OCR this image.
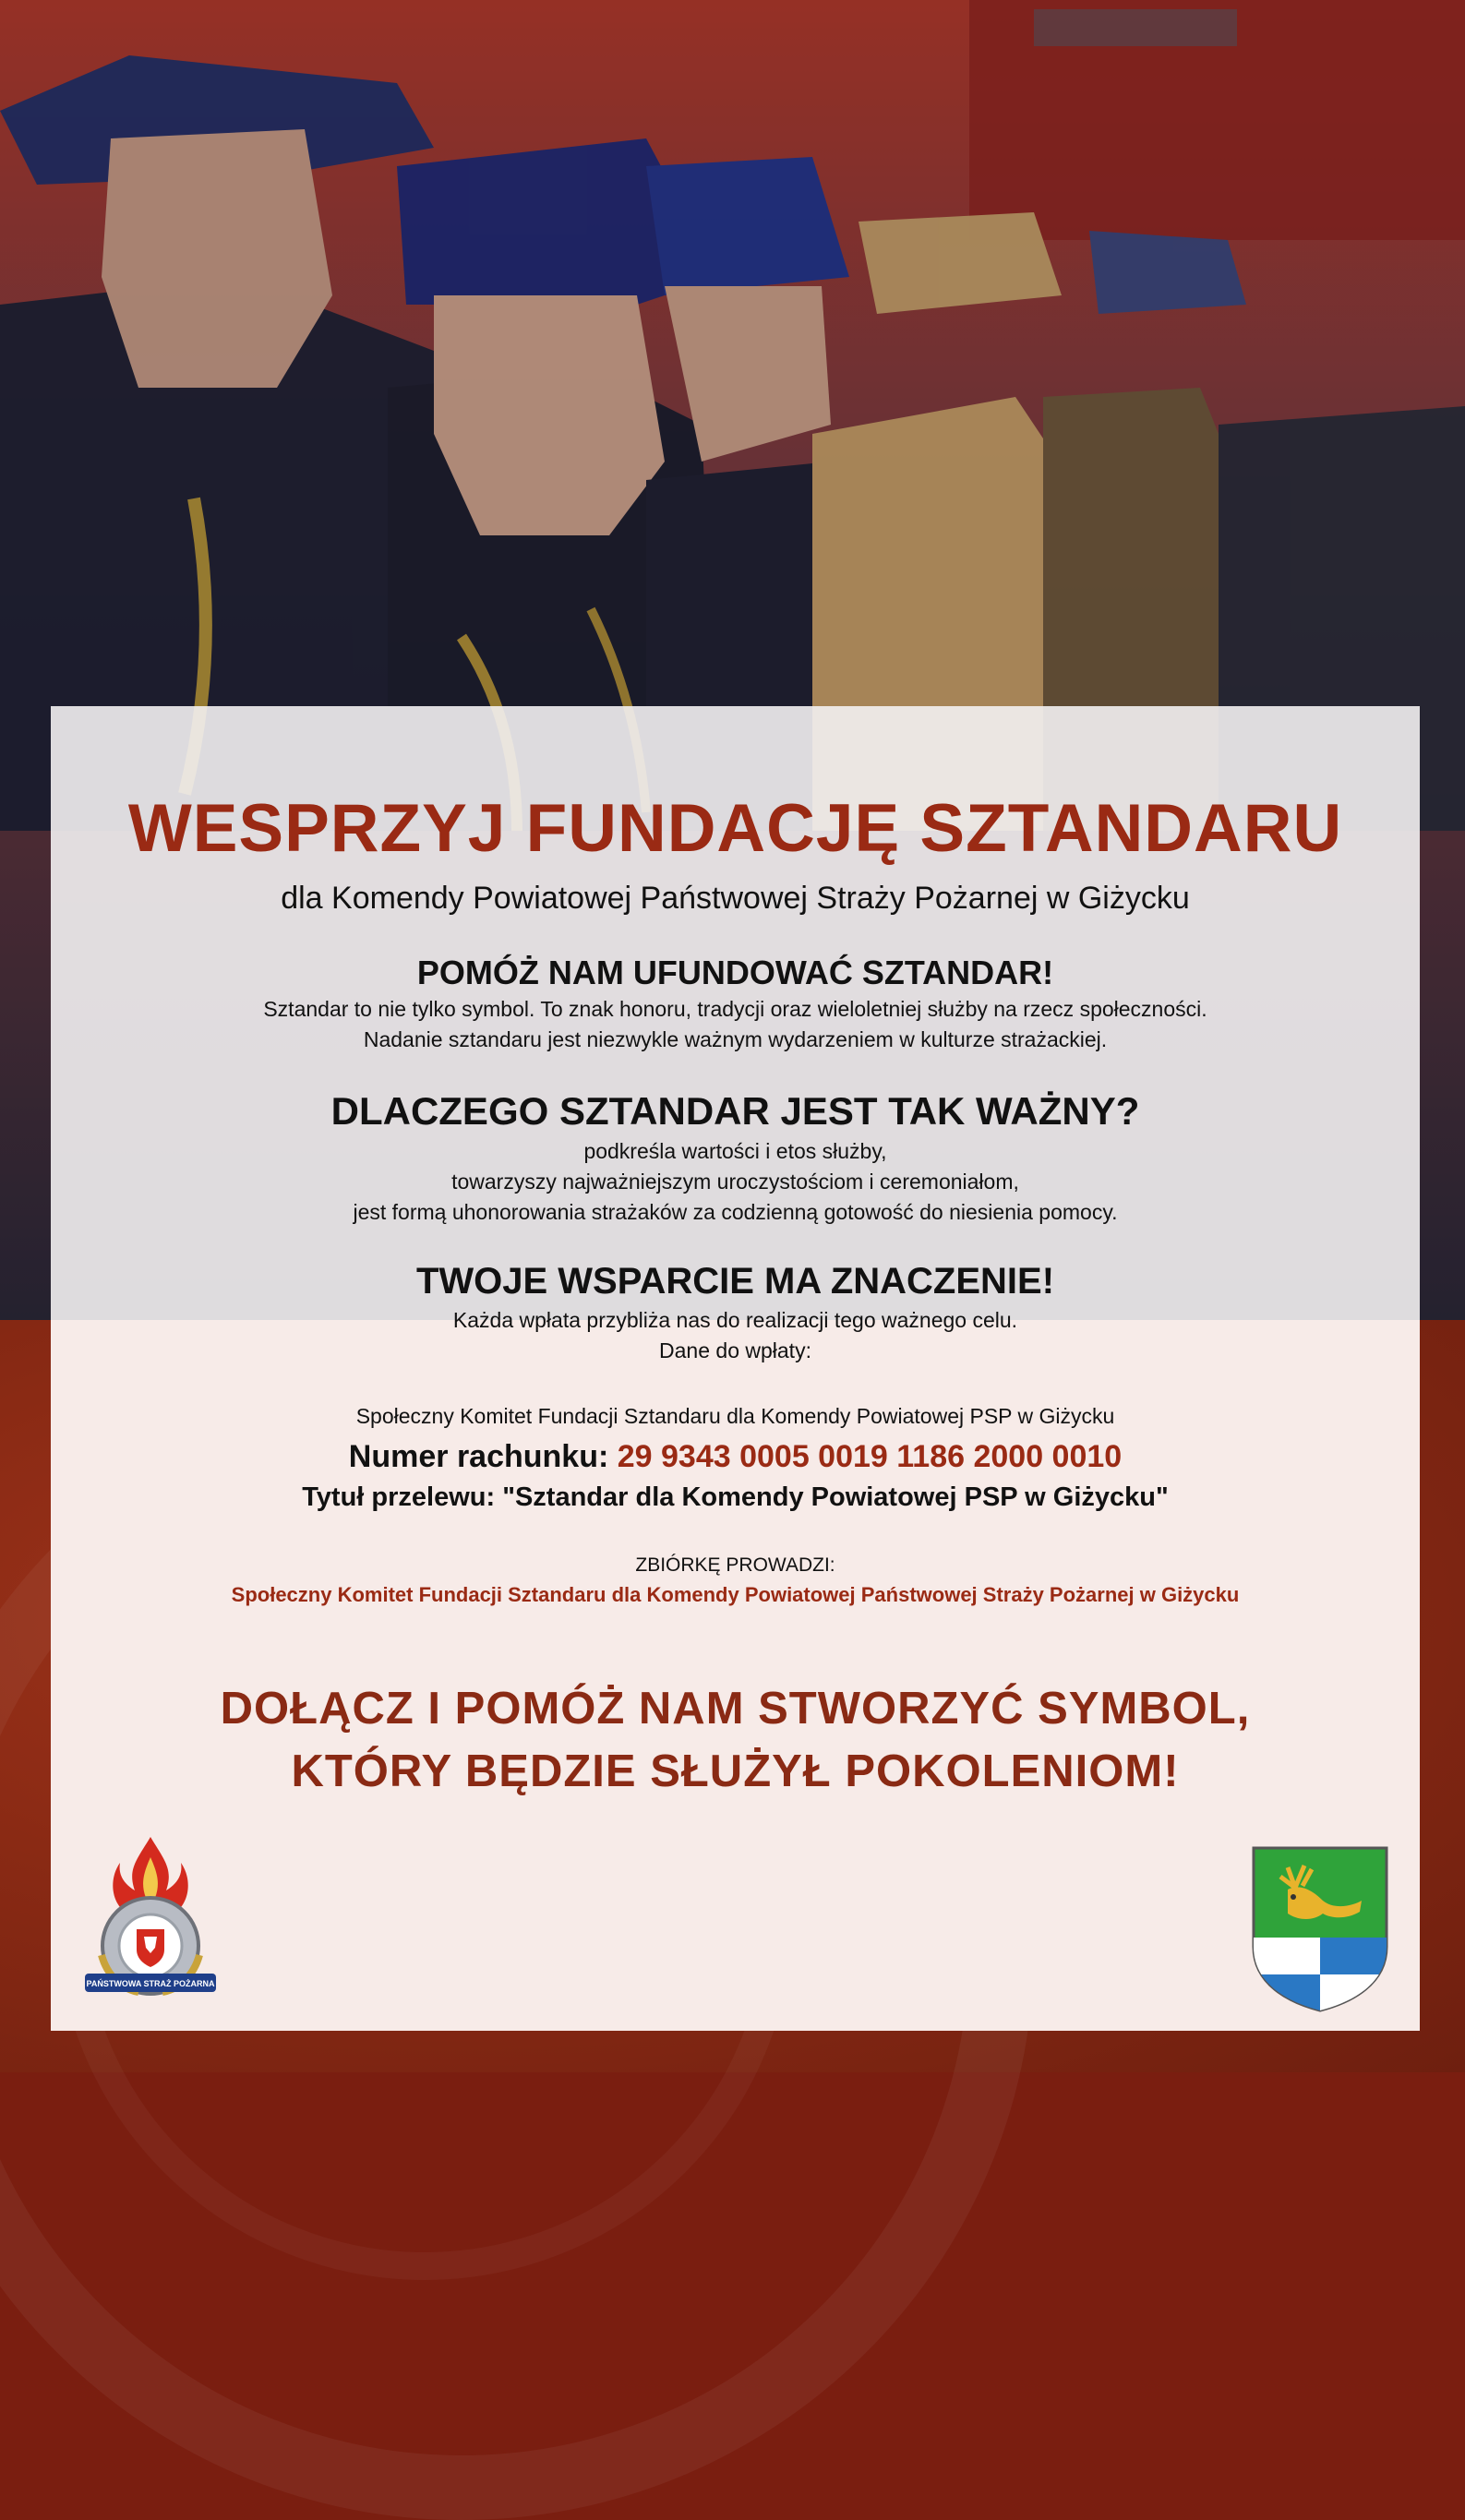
WESPRZYJ FUNDACJĘ SZTANDARU
dla Komendy Powiatowej Państwowej Straży Pożarnej w Giżycku
POMÓŻ NAM UFUNDOWAĆ SZTANDAR!
Sztandar to nie tylko symbol. To znak honoru, tradycji oraz wieloletniej służby na rzecz społeczności.
Nadanie sztandaru jest niezwykle ważnym wydarzeniem w kulturze strażackiej.
DLACZEGO SZTANDAR JEST TAK WAŻNY?
podkreśla wartości i etos służby,
towarzyszy najważniejszym uroczystościom i ceremoniałom,
jest formą uhonorowania strażaków za codzienną gotowość do niesienia pomocy.
TWOJE WSPARCIE MA ZNACZENIE!
Każda wpłata przybliża nas do realizacji tego ważnego celu.
Dane do wpłaty:
Społeczny Komitet Fundacji Sztandaru dla Komendy Powiatowej PSP w Giżycku
Numer rachunku: 29 9343 0005 0019 1186 2000 0010
Tytuł przelewu: "Sztandar dla Komendy Powiatowej PSP w Giżycku"
ZBIÓRKĘ PROWADZI:
Społeczny Komitet Fundacji Sztandaru dla Komendy Powiatowej Państwowej Straży Pożarnej w Giżycku
DOŁĄCZ I POMÓŻ NAM STWORZYĆ SYMBOL,
KTÓRY BĘDZIE SŁUŻYŁ POKOLENIOM!
PAŃSTWOWA STRAŻ POŻARNA
